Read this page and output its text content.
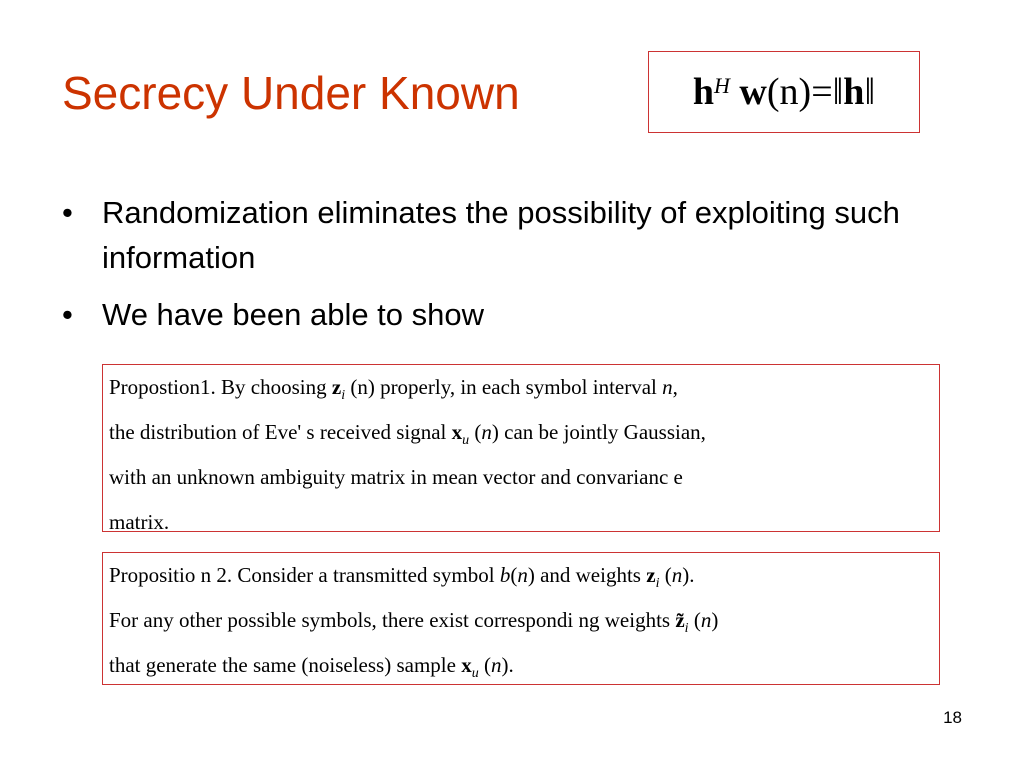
Secrecy Under Known	$h^H$
w (n) = ‖ h ‖
• Randomization eliminates the possibility of exploiting such information
• We have been able to show
Propostion1. By choosing $z_i$ (n) properly, in each symbol interval n,
the distribution of Eve' s received signal $x_u$ (n) can be jointly Gaussian,
with an unknown ambiguity matrix in mean vector and convarianc e
matrix.
Propositio n 2. Consider a transmitted symbol b(n) and weights $z_i$ (n).
For any other possible symbols, there exist correspondi ng weights $z̃_i$ (n)
that generate the same (noiseless) sample $x_u$ (n).
18
